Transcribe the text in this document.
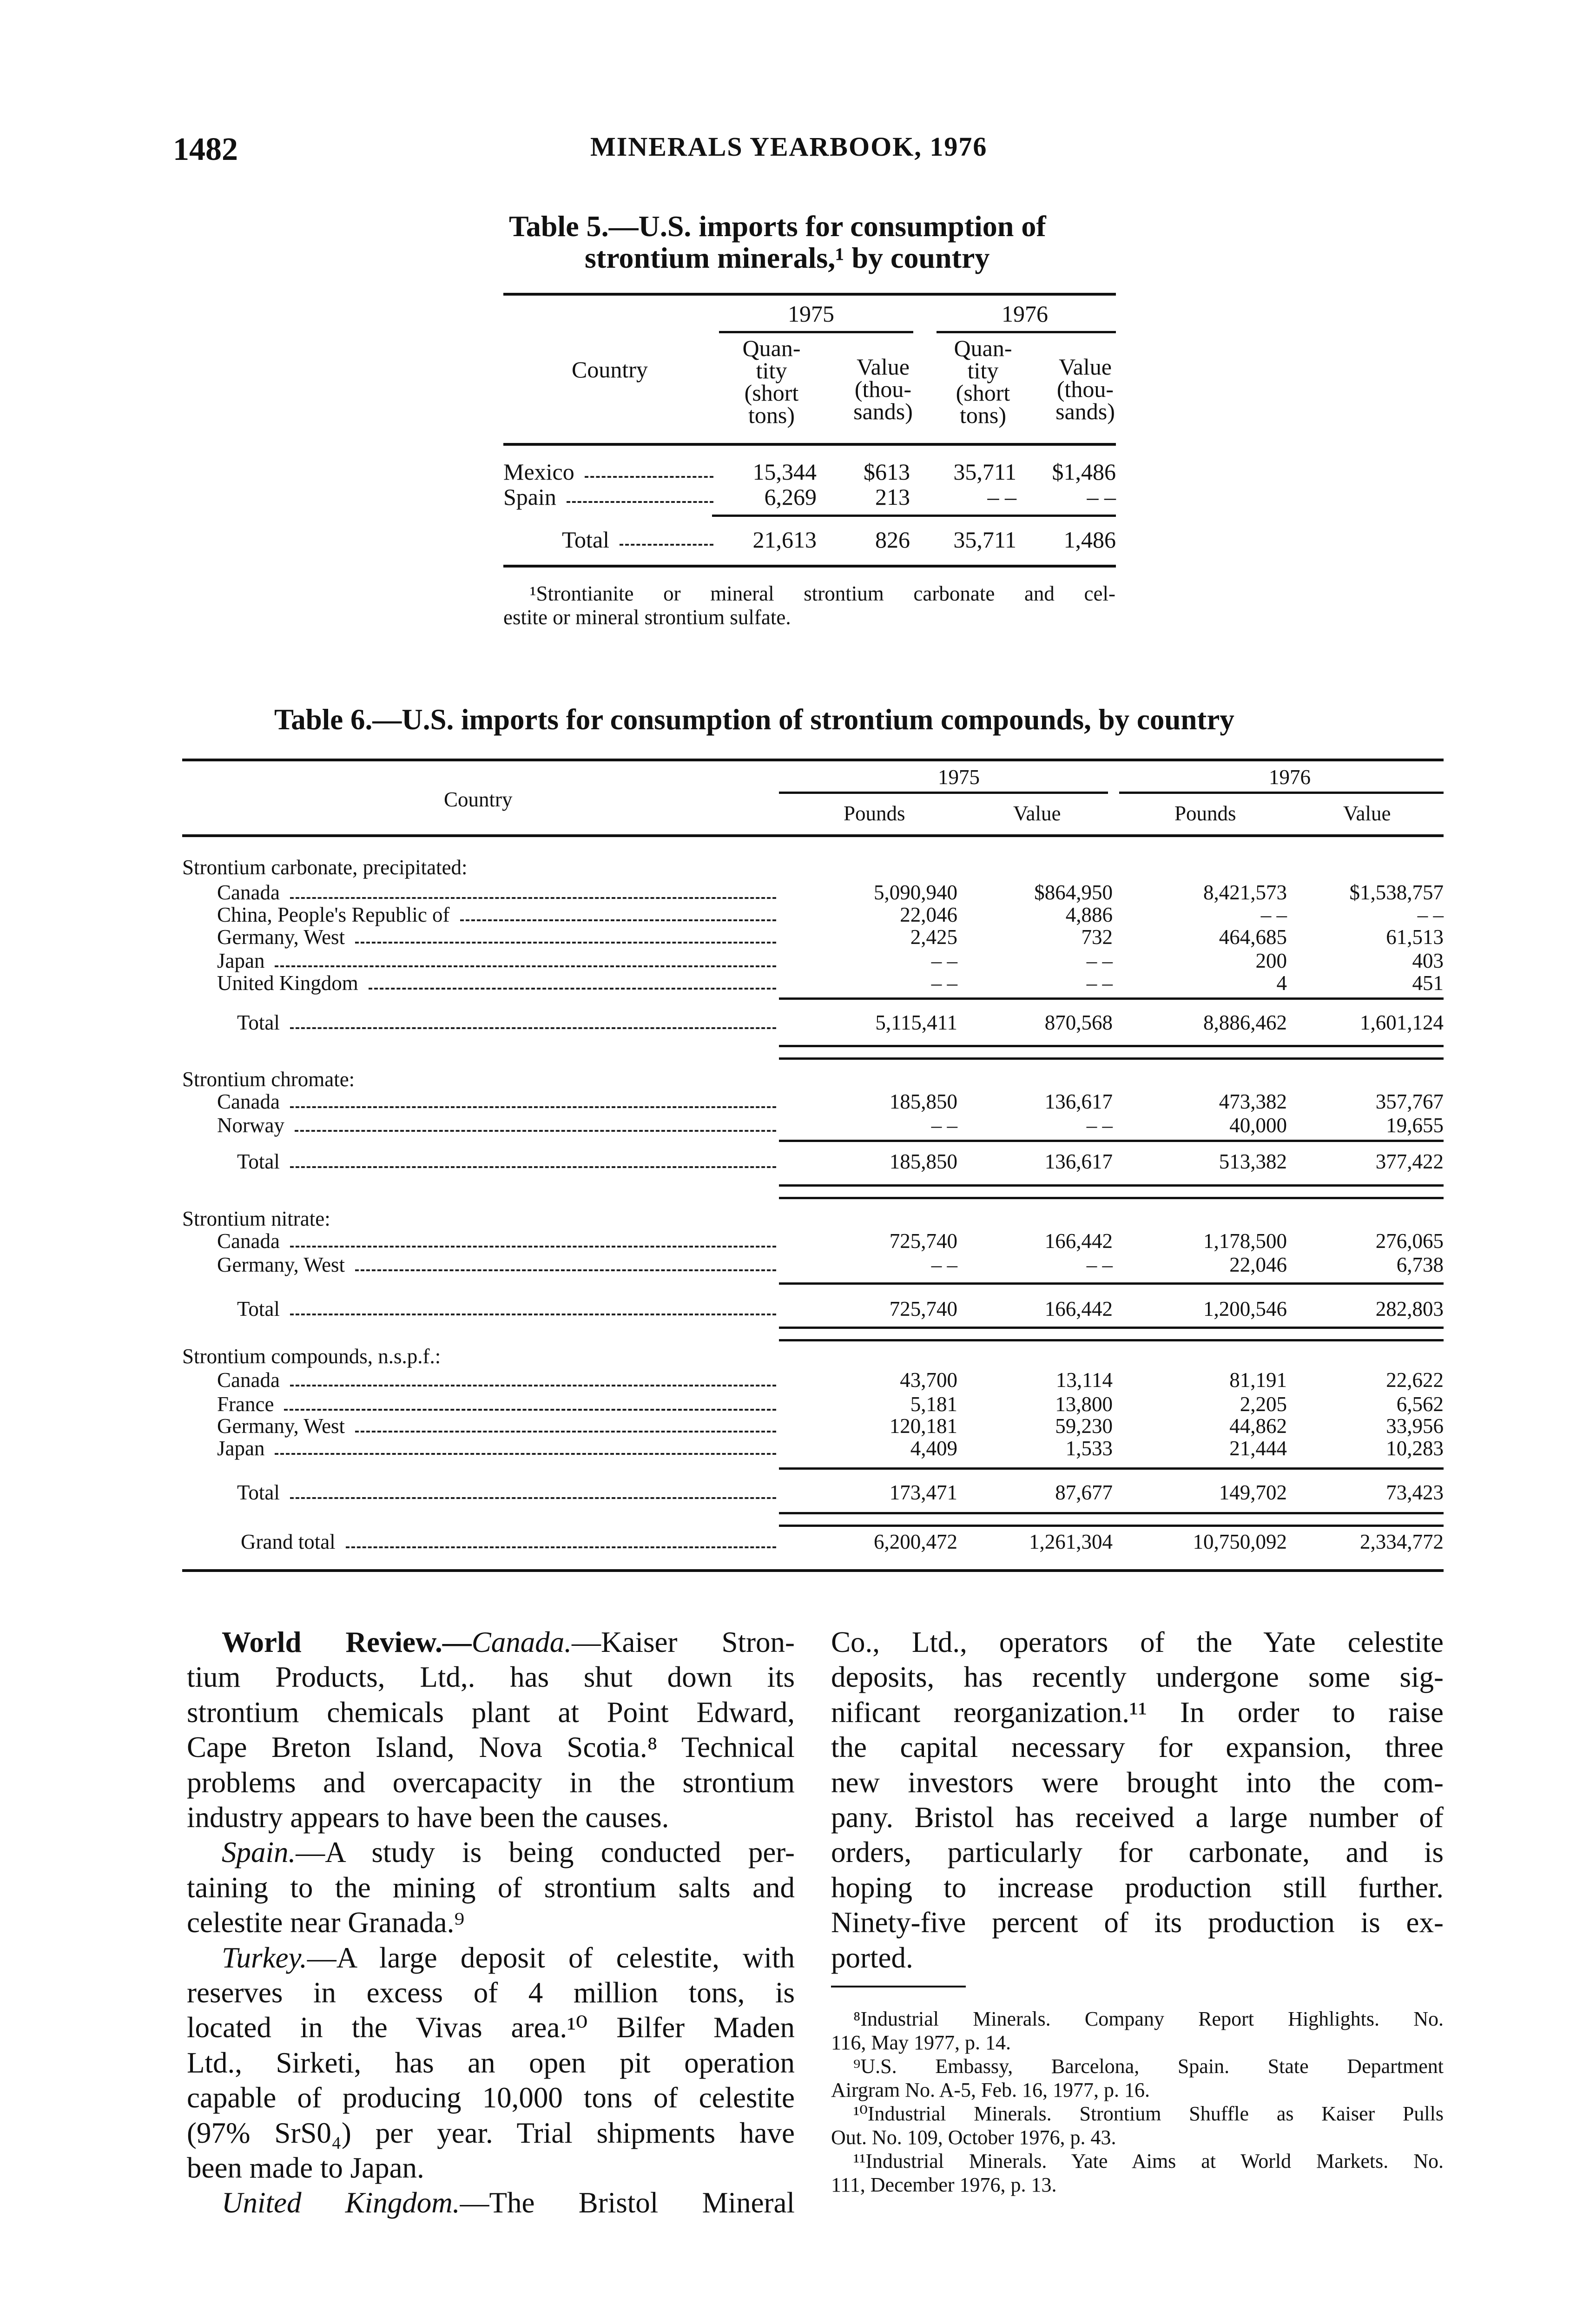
1482	MINERALS YEARBOOK, 1976
Table 5.—U.S. imports for consumption of
strontium minerals,¹ by country
1975	1976
Country
Quan-
tity
(short
tons)
Value
(thou-
sands)
Quan-
tity
(short
tons)
Value
(thou-
sands)
Mexico	15,344	$613	35,711	$1,486
Spain	6,269	213	– –	– –
Total	21,613	826	35,711	1,486
¹Strontianite or mineral strontium carbonate and cel-
estite or mineral strontium sulfate.
Table 6.—U.S. imports for consumption of strontium compounds, by country
1975	1976
Country
Pounds	Value	Pounds	Value
Strontium carbonate, precipitated:
Canada	5,090,940	$864,950	8,421,573	$1,538,757
China, People's Republic of	22,046	4,886	– –	– –
Germany, West	2,425	732	464,685	61,513
Japan	– –	– –	200	403
United Kingdom	– –	– –	4	451
Total	5,115,411	870,568	8,886,462	1,601,124
Strontium chromate:
Canada	185,850	136,617	473,382	357,767
Norway	– –	– –	40,000	19,655
Total	185,850	136,617	513,382	377,422
Strontium nitrate:
Canada	725,740	166,442	1,178,500	276,065
Germany, West	– –	– –	22,046	6,738
Total	725,740	166,442	1,200,546	282,803
Strontium compounds, n.s.p.f.:
Canada	43,700	13,114	81,191	22,622
France	5,181	13,800	2,205	6,562
Germany, West	120,181	59,230	44,862	33,956
Japan	4,409	1,533	21,444	10,283
Total	173,471	87,677	149,702	73,423
Grand total	6,200,472	1,261,304	10,750,092	2,334,772
World Review.—Canada.—Kaiser Stron-
tium Products, Ltd,. has shut down its
strontium chemicals plant at Point Edward,
Cape Breton Island, Nova Scotia.⁸ Technical
problems and overcapacity in the strontium
industry appears to have been the causes.
Spain.—A study is being conducted per-
taining to the mining of strontium salts and
celestite near Granada.⁹
Turkey.—A large deposit of celestite, with
reserves in excess of 4 million tons, is
located in the Vivas area.¹⁰ Bilfer Maden
Ltd., Sirketi, has an open pit operation
capable of producing 10,000 tons of celestite
(97% SrS0₄) per year. Trial shipments have
been made to Japan.
United Kingdom.—The Bristol Mineral
Co., Ltd., operators of the Yate celestite
deposits, has recently undergone some sig-
nificant reorganization.¹¹ In order to raise
the capital necessary for expansion, three
new investors were brought into the com-
pany. Bristol has received a large number of
orders, particularly for carbonate, and is
hoping to increase production still further.
Ninety-five percent of its production is ex-
ported.
⁸Industrial Minerals. Company Report Highlights. No.
116, May 1977, p. 14.
⁹U.S. Embassy, Barcelona, Spain. State Department
Airgram No. A-5, Feb. 16, 1977, p. 16.
¹⁰Industrial Minerals. Strontium Shuffle as Kaiser Pulls
Out. No. 109, October 1976, p. 43.
¹¹Industrial Minerals. Yate Aims at World Markets. No.
111, December 1976, p. 13.
